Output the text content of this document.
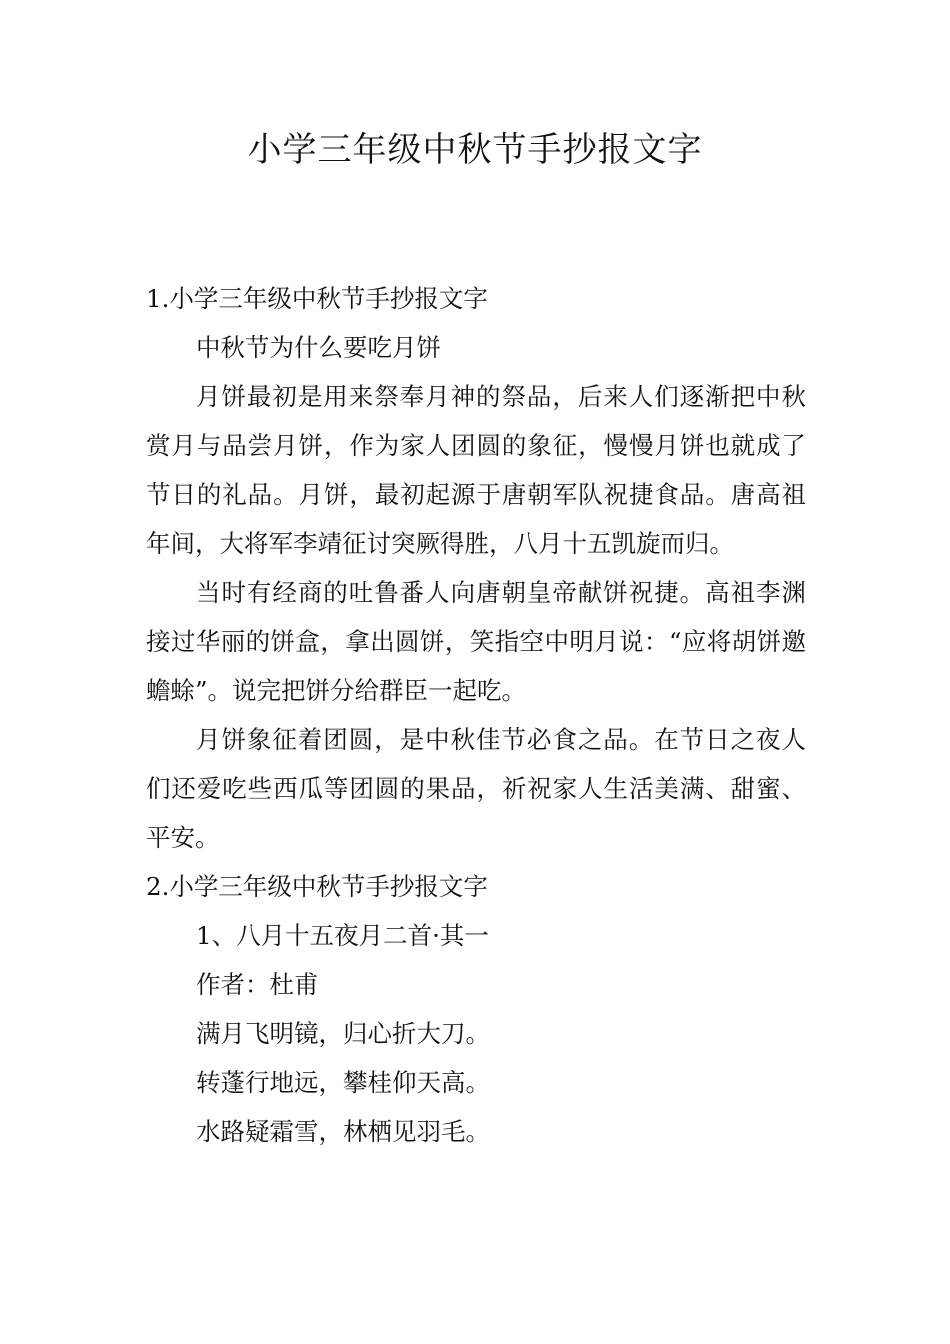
小学三年级中秋节手抄报文字

1.小学三年级中秋节手抄报文字

中秋节为什么要吃月饼

月饼最初是用来祭奉月神的祭品，后来人们逐渐把中秋赏月与品尝月饼，作为家人团圆的象征，慢慢月饼也就成了节日的礼品。月饼，最初起源于唐朝军队祝捷食品。唐高祖年间，大将军李靖征讨突厥得胜，八月十五凯旋而归。

当时有经商的吐鲁番人向唐朝皇帝献饼祝捷。高祖李渊接过华丽的饼盒，拿出圆饼，笑指空中明月说：“应将胡饼邀蟾蜍”。说完把饼分给群臣一起吃。

月饼象征着团圆，是中秋佳节必食之品。在节日之夜人们还爱吃些西瓜等团圆的果品，祈祝家人生活美满、甜蜜、平安。

2.小学三年级中秋节手抄报文字

1、八月十五夜月二首·其一

作者：杜甫

满月飞明镜，归心折大刀。

转蓬行地远，攀桂仰天高。

水路疑霜雪，林栖见羽毛。
